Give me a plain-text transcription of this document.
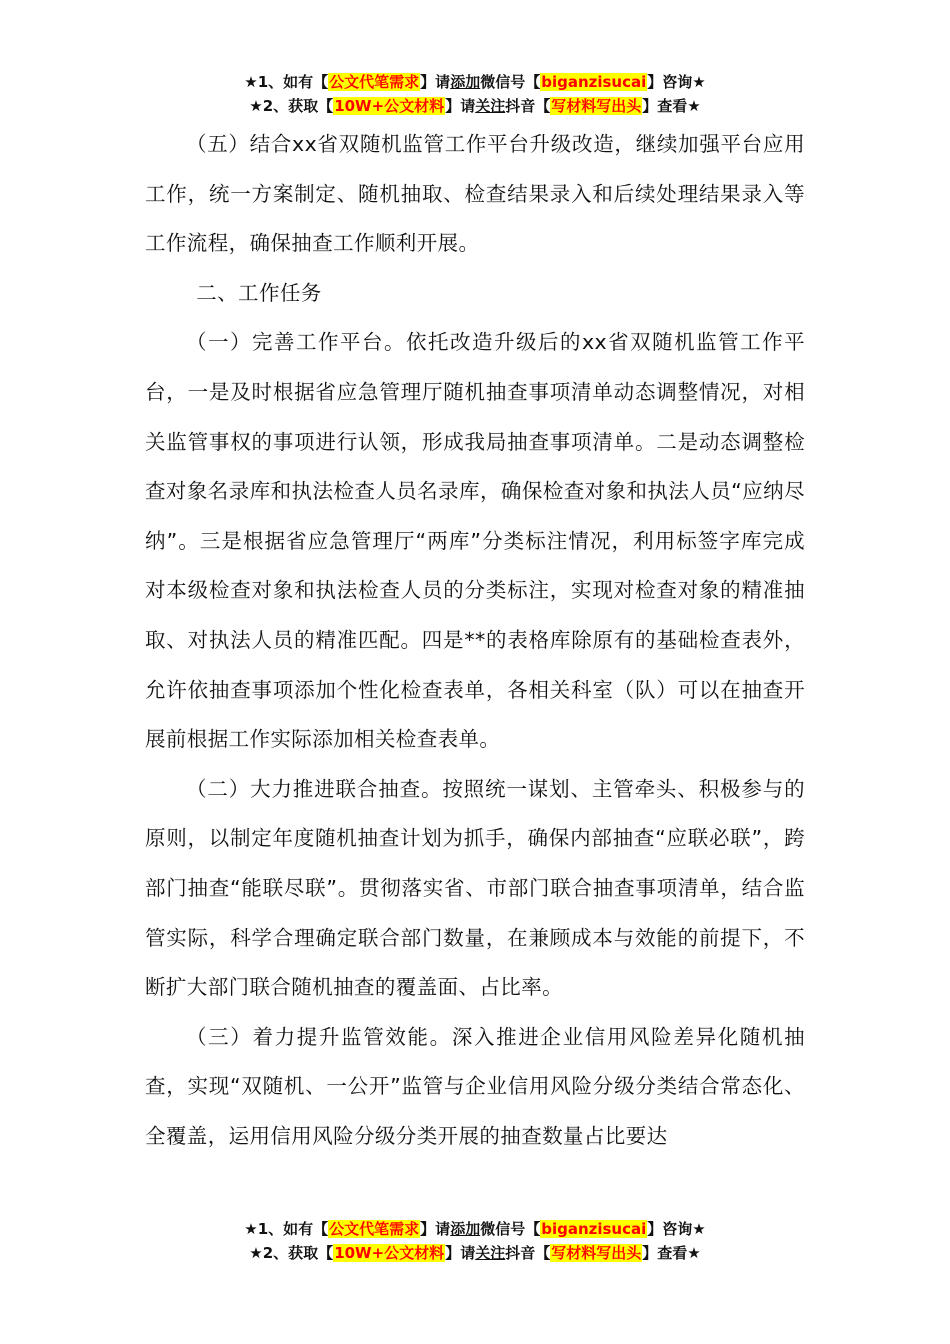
★1、如有【公文代笔需求】请添加微信号【biganzisucai】咨询★
★2、获取【10W+公文材料】请关注抖音【写材料写出头】查看★

（五）结合xx省双随机监管工作平台升级改造，继续加强平台应用工作，统一方案制定、随机抽取、检查结果录入和后续处理结果录入等工作流程，确保抽查工作顺利开展。

二、工作任务

（一）完善工作平台。依托改造升级后的xx省双随机监管工作平台，一是及时根据省应急管理厅随机抽查事项清单动态调整情况，对相关监管事权的事项进行认领，形成我局抽查事项清单。二是动态调整检查对象名录库和执法检查人员名录库，确保检查对象和执法人员“应纳尽纳”。三是根据省应急管理厅“两库”分类标注情况，利用标签字库完成对本级检查对象和执法检查人员的分类标注，实现对检查对象的精准抽取、对执法人员的精准匹配。四是**的表格库除原有的基础检查表外，允许依抽查事项添加个性化检查表单，各相关科室（队）可以在抽查开展前根据工作实际添加相关检查表单。

（二）大力推进联合抽查。按照统一谋划、主管牵头、积极参与的原则，以制定年度随机抽查计划为抓手，确保内部抽查“应联必联”，跨部门抽查“能联尽联”。贯彻落实省、市部门联合抽查事项清单，结合监管实际，科学合理确定联合部门数量，在兼顾成本与效能的前提下，不断扩大部门联合随机抽查的覆盖面、占比率。

（三）着力提升监管效能。深入推进企业信用风险差异化随机抽查，实现“双随机、一公开”监管与企业信用风险分级分类结合常态化、全覆盖，运用信用风险分级分类开展的抽查数量占比要达

★1、如有【公文代笔需求】请添加微信号【biganzisucai】咨询★
★2、获取【10W+公文材料】请关注抖音【写材料写出头】查看★
